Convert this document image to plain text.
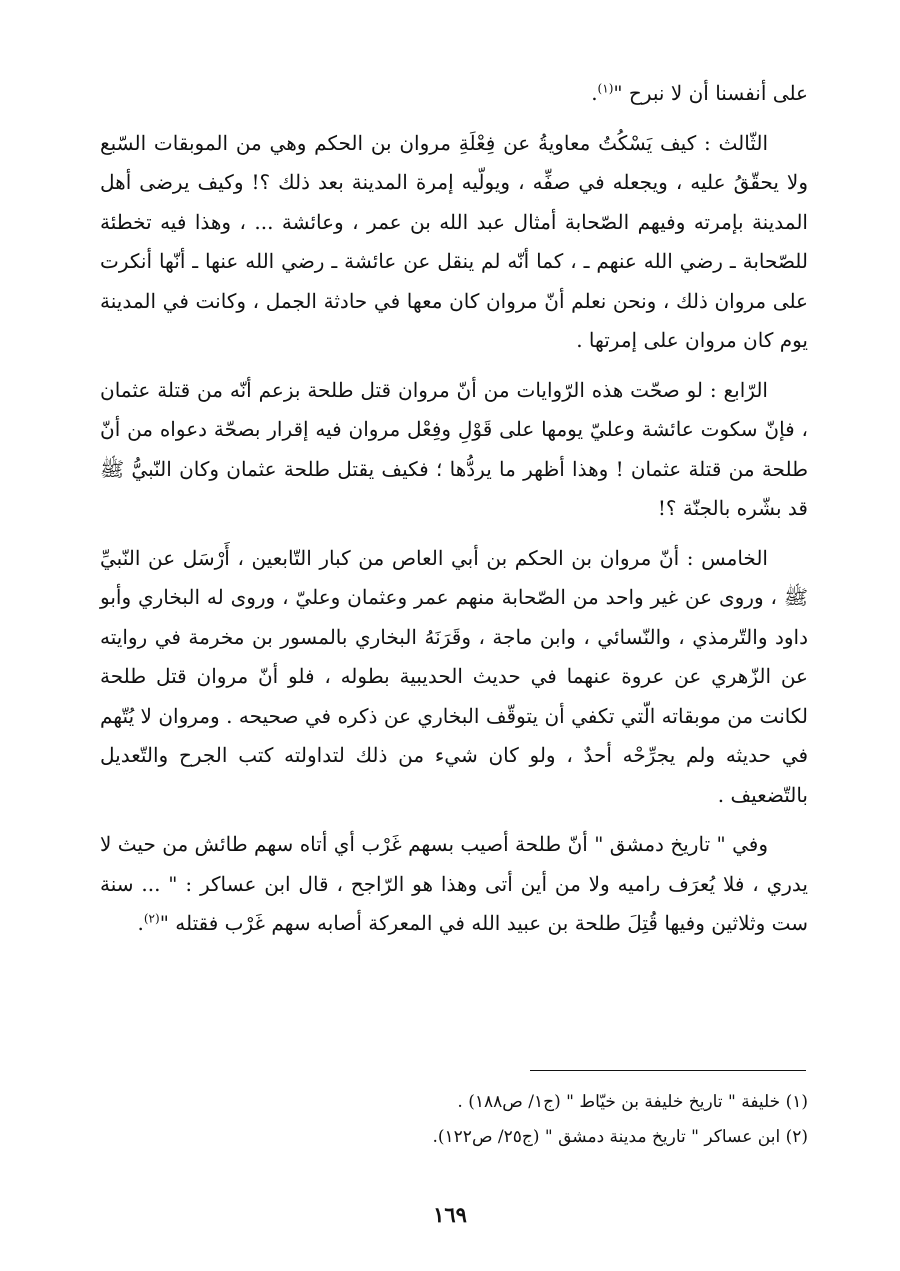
على أنفسنا أن لا نبرح "$^{(١)}$.

الثّالث : كيف يَسْكُتُ معاويةُ عن فِعْلَةِ مروان بن الحكم وهي من الموبقات السّبع ولا يحقّقُ عليه ، ويجعله في صفِّه ، ويولّيه إمرة المدينة بعد ذلك ؟! وكيف يرضى أهل المدينة بإمرته وفيهم الصّحابة أمثال عبد الله بن عمر ، وعائشة ... ، وهذا فيه تخطئة للصّحابة ـ رضي الله عنهم ـ ، كما أنّه لم ينقل عن عائشة ـ رضي الله عنها ـ أنّها أنكرت على مروان ذلك ، ونحن نعلم أنّ مروان كان معها في حادثة الجمل ، وكانت في المدينة يوم كان مروان على إمرتها .

الرّابع : لو صحّت هذه الرّوايات من أنّ مروان قتل طلحة بزعم أنّه من قتلة عثمان ، فإنّ سكوت عائشة وعليّ يومها على قَوْلِ وفِعْل مروان فيه إقرار بصحّة دعواه من أنّ طلحة من قتلة عثمان ! وهذا أظهر ما يردُّها ؛ فكيف يقتل طلحة عثمان وكان النّبيُّ ﷺ قد بشّره بالجنّة ؟!

الخامس : أنّ مروان بن الحكم بن أبي العاص من كبار التّابعين ، أَرْسَل عن النّبيِّ ﷺ ، وروى عن غير واحد من الصّحابة منهم عمر وعثمان وعليّ ، وروى له البخاري وأبو داود والتّرمذي ، والنّسائي ، وابن ماجة ، وقَرَنَهُ البخاري بالمسور بن مخرمة في روايته عن الزّهري عن عروة عنهما في حديث الحديبية بطوله ، فلو أنّ مروان قتل طلحة لكانت من موبقاته الّتي تكفي أن يتوقّف البخاري عن ذكره في صحيحه . ومروان لا يُتّهم في حديثه ولم يجرِّحْه أحدٌ ، ولو كان شيء من ذلك لتداولته كتب الجرح والتّعديل بالتّضعيف .

وفي " تاريخ دمشق " أنّ طلحة أصيب بسهم غَرْب أي أتاه سهم طائش من حيث لا يدري ، فلا يُعرَف راميه ولا من أين أتى وهذا هو الرّاجح ، قال ابن عساكر : " ... سنة ست وثلاثين وفيها قُتِلَ طلحة بن عبيد الله في المعركة أصابه سهم غَرْب فقتله "$^{(٢)}$.

(١) خليفة " تاريخ خليفة بن خيّاط " (ج١/ ص١٨٨) .

(٢) ابن عساكر " تاريخ مدينة دمشق " (ج٢٥/ ص١٢٢).

١٦٩
